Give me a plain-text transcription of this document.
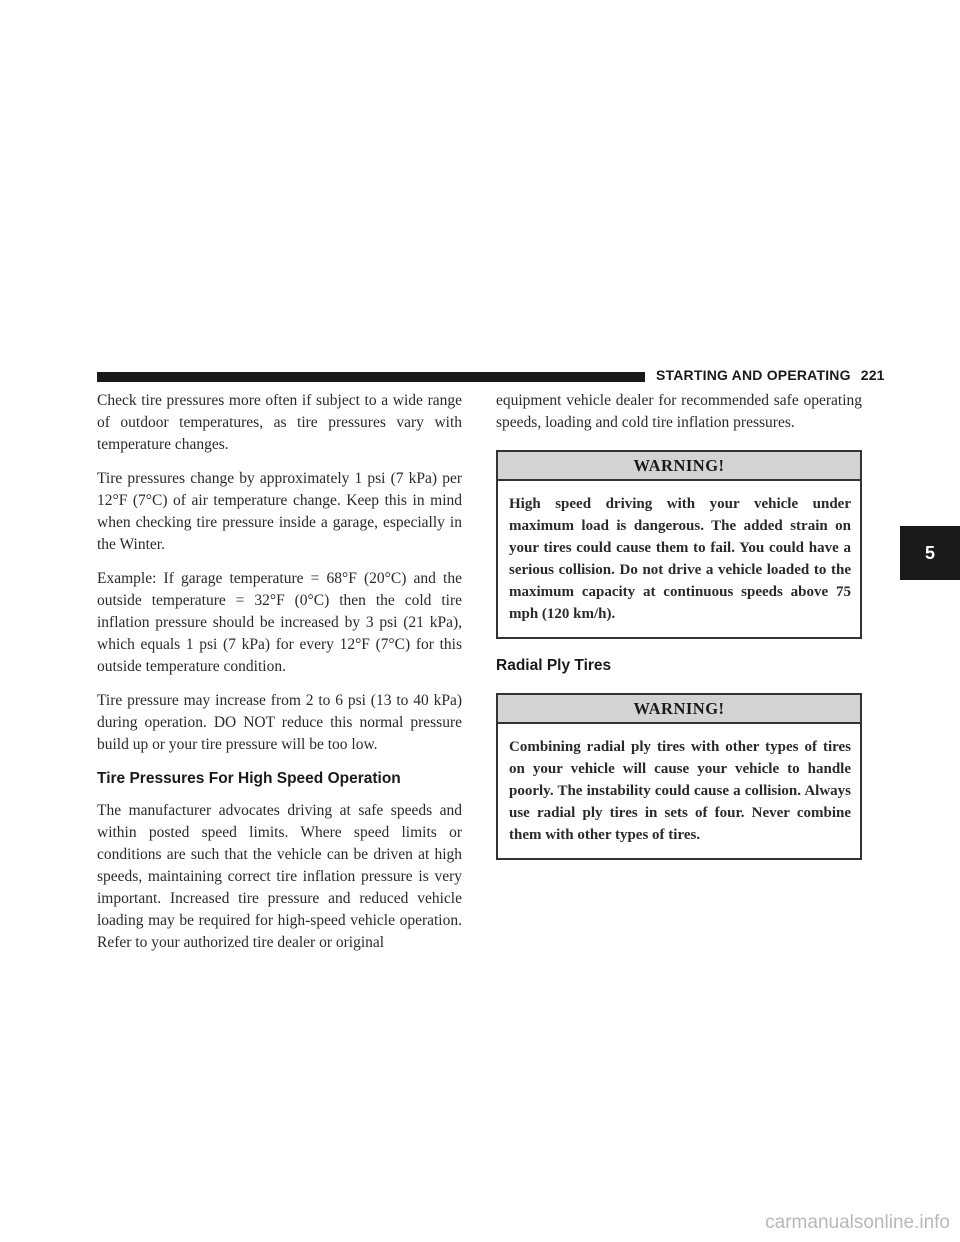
STARTING AND OPERATING 221
5

Check tire pressures more often if subject to a wide range of outdoor temperatures, as tire pressures vary with temperature changes.

Tire pressures change by approximately 1 psi (7 kPa) per 12°F (7°C) of air temperature change. Keep this in mind when checking tire pressure inside a garage, especially in the Winter.

Example: If garage temperature = 68°F (20°C) and the outside temperature = 32°F (0°C) then the cold tire inflation pressure should be increased by 3 psi (21 kPa), which equals 1 psi (7 kPa) for every 12°F (7°C) for this outside temperature condition.

Tire pressure may increase from 2 to 6 psi (13 to 40 kPa) during operation. DO NOT reduce this normal pressure build up or your tire pressure will be too low.

Tire Pressures For High Speed Operation

The manufacturer advocates driving at safe speeds and within posted speed limits. Where speed limits or conditions are such that the vehicle can be driven at high speeds, maintaining correct tire inflation pressure is very important. Increased tire pressure and reduced vehicle loading may be required for high-speed vehicle operation. Refer to your authorized tire dealer or original

equipment vehicle dealer for recommended safe operating speeds, loading and cold tire inflation pressures.

WARNING!
High speed driving with your vehicle under maximum load is dangerous. The added strain on your tires could cause them to fail. You could have a serious collision. Do not drive a vehicle loaded to the maximum capacity at continuous speeds above 75 mph (120 km/h).
Radial Ply Tires
WARNING!
Combining radial ply tires with other types of tires on your vehicle will cause your vehicle to handle poorly. The instability could cause a collision. Always use radial ply tires in sets of four. Never combine them with other types of tires.
carmanualsonline.info
